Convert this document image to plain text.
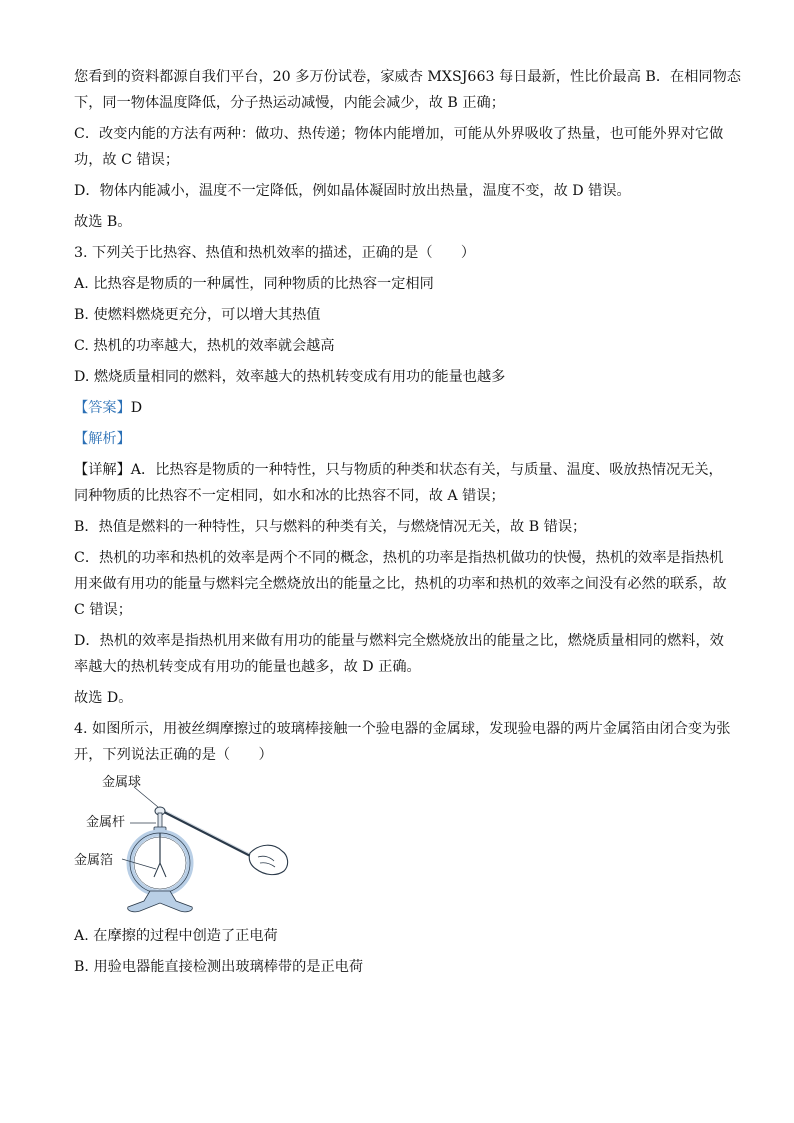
您看到的资料都源自我们平台，20 多万份试卷，家威杏 MXSJ663 每日最新，性比价最高 B．在相同物态

下，同一物体温度降低，分子热运动减慢，内能会减少，故 B 正确；

C．改变内能的方法有两种：做功、热传递；物体内能增加，可能从外界吸收了热量，也可能外界对它做

功，故 C 错误；

D．物体内能减小，温度不一定降低，例如晶体凝固时放出热量，温度不变，故 D 错误。

故选 B。

3. 下列关于比热容、热值和热机效率的描述，正确的是（　　）

A. 比热容是物质的一种属性，同种物质的比热容一定相同

B. 使燃料燃烧更充分，可以增大其热值

C. 热机的功率越大，热机的效率就会越高

D. 燃烧质量相同的燃料，效率越大的热机转变成有用功的能量也越多

【答案】D

【解析】

【详解】A．比热容是物质的一种特性，只与物质的种类和状态有关，与质量、温度、吸放热情况无关，

同种物质的比热容不一定相同，如水和冰的比热容不同，故 A 错误；

B．热值是燃料的一种特性，只与燃料的种类有关，与燃烧情况无关，故 B 错误；

C．热机的功率和热机的效率是两个不同的概念，热机的功率是指热机做功的快慢，热机的效率是指热机

用来做有用功的能量与燃料完全燃烧放出的能量之比，热机的功率和热机的效率之间没有必然的联系，故

C 错误；

D．热机的效率是指热机用来做有用功的能量与燃料完全燃烧放出的能量之比，燃烧质量相同的燃料，效

率越大的热机转变成有用功的能量也越多，故 D 正确。

故选 D。

4. 如图所示，用被丝绸摩擦过的玻璃棒接触一个验电器的金属球，发现验电器的两片金属箔由闭合变为张

开，下列说法正确的是（　　）

金属球
金属杆
金属箔

A. 在摩擦的过程中创造了正电荷

B. 用验电器能直接检测出玻璃棒带的是正电荷
